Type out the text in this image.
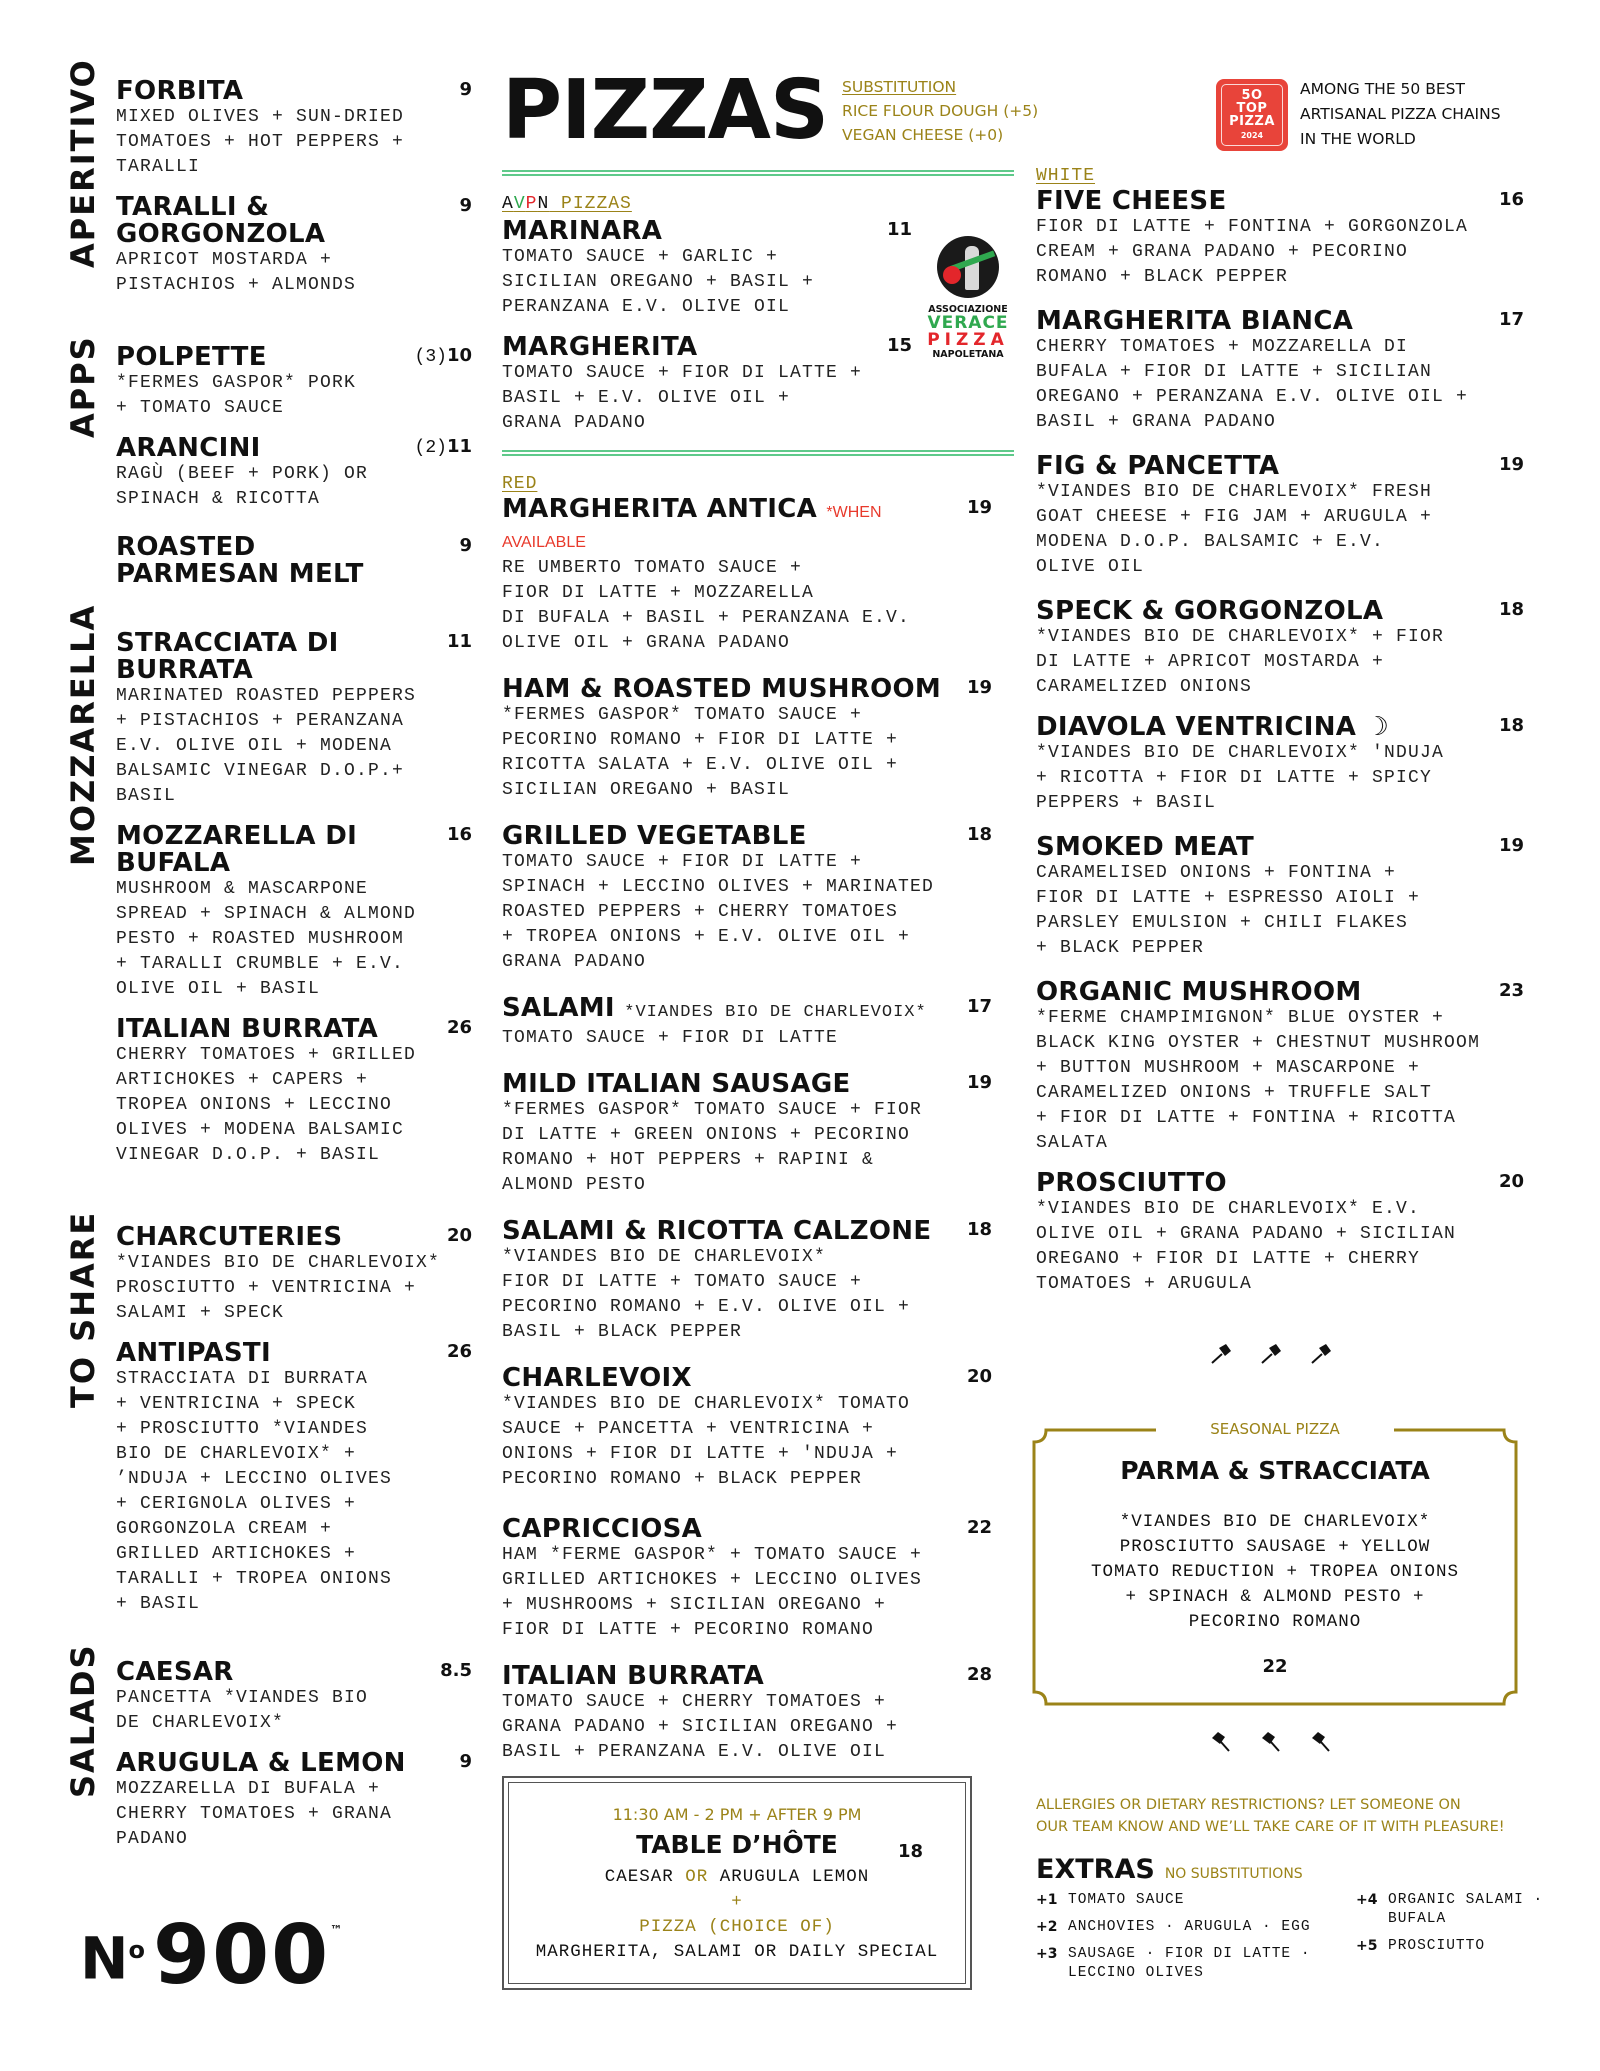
APERITIVO
APPS
MOZZARELLA
TO SHARE
SALADS
FORBITA	9
MIXED OLIVES + SUN-DRIED
TOMATOES + HOT PEPPERS +
TARALLI
TARALLI &
GORGONZOLA
9
APRICOT MOSTARDA +
PISTACHIOS + ALMONDS
POLPETTE	(3)10
*FERMES GASPOR* PORK
+ TOMATO SAUCE
ARANCINI	(2)11
RAGÙ (BEEF + PORK) OR
SPINACH & RICOTTA
ROASTED
PARMESAN MELT
9
STRACCIATA DI
BURRATA
11
MARINATED ROASTED PEPPERS
+ PISTACHIOS + PERANZANA
E.V. OLIVE OIL + MODENA
BALSAMIC VINEGAR D.O.P.+
BASIL
MOZZARELLA DI
BUFALA
16
MUSHROOM & MASCARPONE
SPREAD + SPINACH & ALMOND
PESTO + ROASTED MUSHROOM
+ TARALLI CRUMBLE + E.V.
OLIVE OIL + BASIL
ITALIAN BURRATA	26
CHERRY TOMATOES + GRILLED
ARTICHOKES + CAPERS +
TROPEA ONIONS + LECCINO
OLIVES + MODENA BALSAMIC
VINEGAR D.O.P. + BASIL
CHARCUTERIES	20
*VIANDES BIO DE CHARLEVOIX*
PROSCIUTTO + VENTRICINA +
SALAMI + SPECK
ANTIPASTI	26
STRACCIATA DI BURRATA
+ VENTRICINA + SPECK
+ PROSCIUTTO *VIANDES
BIO DE CHARLEVOIX* +
’NDUJA + LECCINO OLIVES
+ CERIGNOLA OLIVES +
GORGONZOLA CREAM +
GRILLED ARTICHOKES +
TARALLI + TROPEA ONIONS
+ BASIL
CAESAR	8.5
PANCETTA *VIANDES BIO
DE CHARLEVOIX*
ARUGULA & LEMON	9
MOZZARELLA DI BUFALA +
CHERRY TOMATOES + GRANA
PADANO
$N^o$ 900 ™
PIZZAS SUBSTITUTION
RICE FLOUR DOUGH (+5)
VEGAN CHEESE (+0)
5O
TOP
PIZZA
2024
AMONG THE 50 BEST
ARTISANAL PIZZA CHAINS
IN THE WORLD
AVPN PIZZAS
MARINARA	11
TOMATO SAUCE + GARLIC +
SICILIAN OREGANO + BASIL +
PERANZANA E.V. OLIVE OIL
MARGHERITA	15
TOMATO SAUCE + FIOR DI LATTE +
BASIL + E.V. OLIVE OIL +
GRANA PADANO
ASSOCIAZIONE
VERACE
PIZZA
NAPOLETANA
RED
MARGHERITA ANTICA *WHEN AVAILABLE
19
RE UMBERTO TOMATO SAUCE +
FIOR DI LATTE + MOZZARELLA
DI BUFALA + BASIL + PERANZANA E.V.
OLIVE OIL + GRANA PADANO
HAM & ROASTED MUSHROOM 19
*FERMES GASPOR* TOMATO SAUCE +
PECORINO ROMANO + FIOR DI LATTE +
RICOTTA SALATA + E.V. OLIVE OIL +
SICILIAN OREGANO + BASIL
GRILLED VEGETABLE	18
TOMATO SAUCE + FIOR DI LATTE +
SPINACH + LECCINO OLIVES + MARINATED
ROASTED PEPPERS + CHERRY TOMATOES
+ TROPEA ONIONS + E.V. OLIVE OIL +
GRANA PADANO
SALAMI *VIANDES BIO DE CHARLEVOIX* 17
TOMATO SAUCE + FIOR DI LATTE
MILD ITALIAN SAUSAGE	19
*FERMES GASPOR* TOMATO SAUCE + FIOR
DI LATTE + GREEN ONIONS + PECORINO
ROMANO + HOT PEPPERS + RAPINI &
ALMOND PESTO
SALAMI & RICOTTA CALZONE 18
*VIANDES BIO DE CHARLEVOIX*
FIOR DI LATTE + TOMATO SAUCE +
PECORINO ROMANO + E.V. OLIVE OIL +
BASIL + BLACK PEPPER
CHARLEVOIX	20
*VIANDES BIO DE CHARLEVOIX* TOMATO
SAUCE + PANCETTA + VENTRICINA +
ONIONS + FIOR DI LATTE + 'NDUJA +
PECORINO ROMANO + BLACK PEPPER
CAPRICCIOSA	22
HAM *FERME GASPOR* + TOMATO SAUCE +
GRILLED ARTICHOKES + LECCINO OLIVES
+ MUSHROOMS + SICILIAN OREGANO +
FIOR DI LATTE + PECORINO ROMANO
ITALIAN BURRATA	28
TOMATO SAUCE + CHERRY TOMATOES +
GRANA PADANO + SICILIAN OREGANO +
BASIL + PERANZANA E.V. OLIVE OIL
11:30 AM - 2 PM + AFTER 9 PM
TABLE D’HÔTE	18
CAESAR OR ARUGULA LEMON
+
PIZZA (CHOICE OF)
MARGHERITA, SALAMI OR DAILY SPECIAL
WHITE
FIVE CHEESE	16
FIOR DI LATTE + FONTINA + GORGONZOLA
CREAM + GRANA PADANO + PECORINO
ROMANO + BLACK PEPPER
MARGHERITA BIANCA	17
CHERRY TOMATOES + MOZZARELLA DI
BUFALA + FIOR DI LATTE + SICILIAN
OREGANO + PERANZANA E.V. OLIVE OIL +
BASIL + GRANA PADANO
FIG & PANCETTA	19
*VIANDES BIO DE CHARLEVOIX* FRESH
GOAT CHEESE + FIG JAM + ARUGULA +
MODENA D.O.P. BALSAMIC + E.V.
OLIVE OIL
SPECK & GORGONZOLA	18
*VIANDES BIO DE CHARLEVOIX* + FIOR
DI LATTE + APRICOT MOSTARDA +
CARAMELIZED ONIONS
DIAVOLA VENTRICINA ☽	18
*VIANDES BIO DE CHARLEVOIX* 'NDUJA
+ RICOTTA + FIOR DI LATTE + SPICY
PEPPERS + BASIL
SMOKED MEAT	19
CARAMELISED ONIONS + FONTINA +
FIOR DI LATTE + ESPRESSO AIOLI +
PARSLEY EMULSION + CHILI FLAKES
+ BLACK PEPPER
ORGANIC MUSHROOM	23
*FERME CHAMPIMIGNON* BLUE OYSTER +
BLACK KING OYSTER + CHESTNUT MUSHROOM
+ BUTTON MUSHROOM + MASCARPONE +
CARAMELIZED ONIONS + TRUFFLE SALT
+ FIOR DI LATTE + FONTINA + RICOTTA
SALATA
PROSCIUTTO	20
*VIANDES BIO DE CHARLEVOIX* E.V.
OLIVE OIL + GRANA PADANO + SICILIAN
OREGANO + FIOR DI LATTE + CHERRY
TOMATOES + ARUGULA
SEASONAL PIZZA
PARMA & STRACCIATA
*VIANDES BIO DE CHARLEVOIX*
PROSCIUTTO SAUSAGE + YELLOW
TOMATO REDUCTION + TROPEA ONIONS
+ SPINACH & ALMOND PESTO +
PECORINO ROMANO
22
ALLERGIES OR DIETARY RESTRICTIONS? LET SOMEONE ON
OUR TEAM KNOW AND WE’LL TAKE CARE OF IT WITH PLEASURE!
EXTRAS NO SUBSTITUTIONS
+1 TOMATO SAUCE
+2 ANCHOVIES · ARUGULA · EGG
+3 SAUSAGE · FIOR DI LATTE ·
LECCINO OLIVES
+4 ORGANIC SALAMI ·
BUFALA
+5 PROSCIUTTO
